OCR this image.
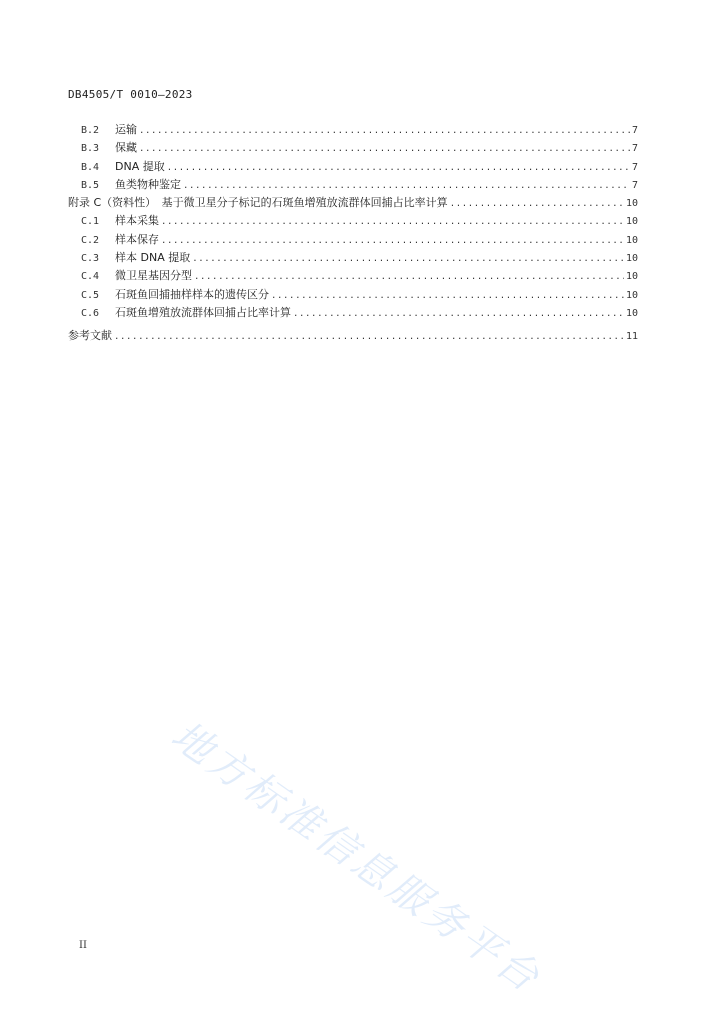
DB4505/T 0010—2023
B.2	运输 .....	7
B.3	保藏 .....	7
B.4	DNA 提取 .....	7
B.5	鱼类物种鉴定 .....	7
附录 C（资料性）　基于微卫星分子标记的石斑鱼增殖放流群体回捕占比率计算 .....	10
C.1	样本采集 .....	10
C.2	样本保存 .....	10
C.3	样本 DNA 提取 .....	10
C.4	微卫星基因分型 .....	10
C.5	石斑鱼回捕抽样样本的遗传区分 .....	10
C.6	石斑鱼增殖放流群体回捕占比率计算 .....	10
参考文献 .....	11
地方标准信息服务平台
II
